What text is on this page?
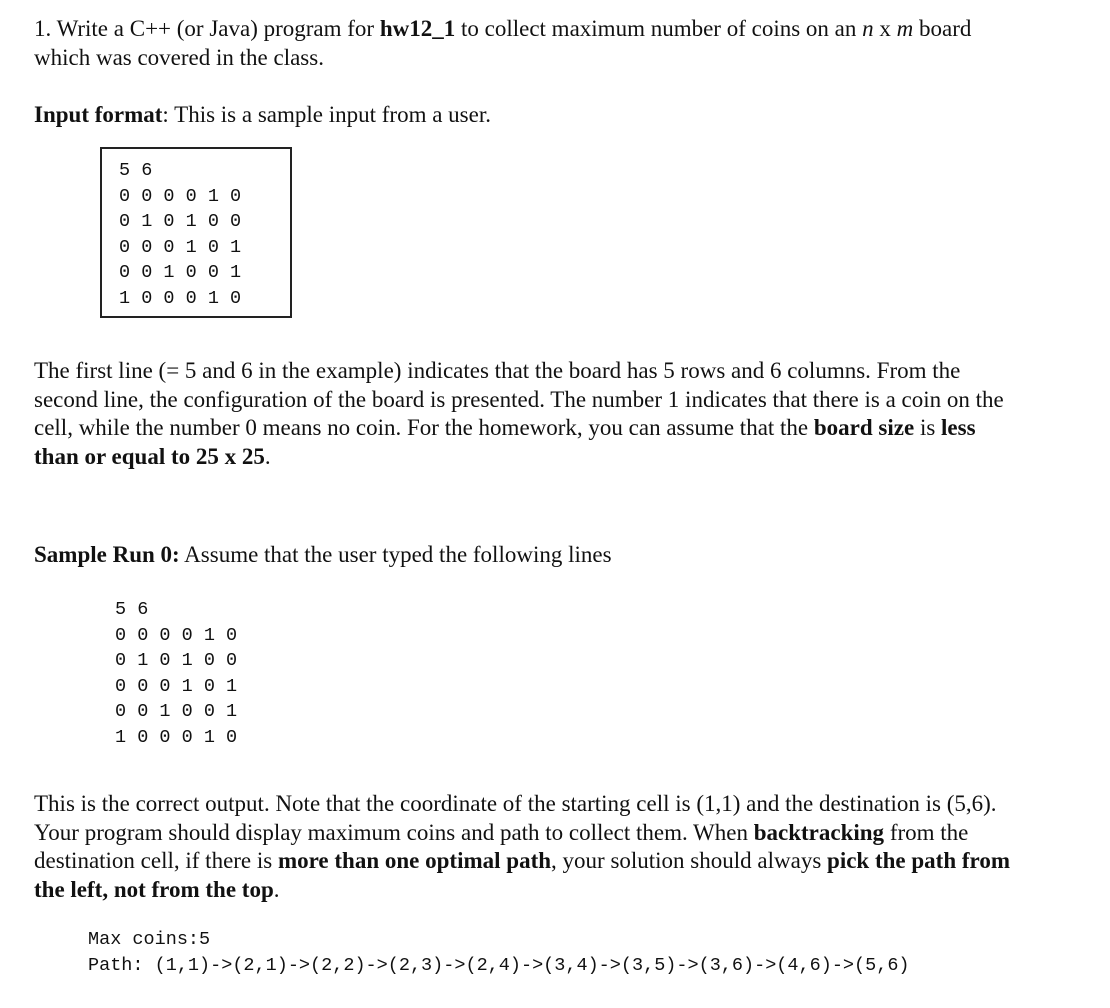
1. Write a C++ (or Java) program for hw12_1 to collect maximum number of coins on an n x m board
which was covered in the class.
Input format: This is a sample input from a user.
5 6
0 0 0 0 1 0
0 1 0 1 0 0
0 0 0 1 0 1
0 0 1 0 0 1
1 0 0 0 1 0
The first line (= 5 and 6 in the example) indicates that the board has 5 rows and 6 columns. From the
second line, the configuration of the board is presented. The number 1 indicates that there is a coin on the
cell, while the number 0 means no coin. For the homework, you can assume that the board size is less
than or equal to 25 x 25.
Sample Run 0: Assume that the user typed the following lines
5 6
0 0 0 0 1 0
0 1 0 1 0 0
0 0 0 1 0 1
0 0 1 0 0 1
1 0 0 0 1 0
This is the correct output. Note that the coordinate of the starting cell is (1,1) and the destination is (5,6).
Your program should display maximum coins and path to collect them. When backtracking from the
destination cell, if there is more than one optimal path, your solution should always pick the path from
the left, not from the top.
Max coins:5
Path: (1,1)->(2,1)->(2,2)->(2,3)->(2,4)->(3,4)->(3,5)->(3,6)->(4,6)->(5,6)
